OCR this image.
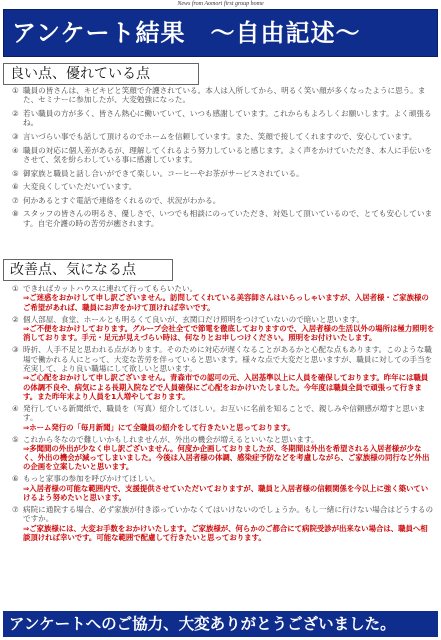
News from Aomori first group home
アンケート結果　～自由記述～
良い点、優れている点
① 職員の皆さんは、キビキビと笑顔で介護されている。本人は入所してから、明るく笑い顔が多くなったように思う。また、セミナーに参加したが、大変勉強になった。
② 若い職員の方が多く、皆さん熱心に働いていて、いつも感謝しています。これからもよろしくお願いします。よく頑張るね。
③ 言いづらい事でも話して頂けるのでホームを信頼しています。また、笑顔で接してくれますので、安心しています。
④ 職員の対応に個人差があるが、理解してくれるよう努力していると感じます。よく声をかけていただき、本人に手伝いをさせて、気を紛らわしている事に感謝しています。
⑤ 御家族と職員と話し合いができて楽しい。コーヒーやお茶がサービスされている。
⑥ 大変良くしていただいています。
⑦ 何かあるとすぐ電話で連絡をくれるので、状況がわかる。
⑧ スタッフの皆さんの明るさ、優しさで、いつでも相談にのっていただき、対処して頂いているので、とても安心しています。自宅介護の時の苦労が癒されます。
改善点、気になる点
① できればカットハウスに連れて行ってもらいたい。
⇒ご迷惑をおかけして申し訳ございません。訪問してくれている美容師さんはいらっしゃいますが、入居者様・ご家族様のご希望があれば、職員にお声をかけて頂ければ幸いです。
② 個人部屋、食堂、ホールとも明るくて良いが、玄関口だけ照明をつけていないので暗いと思います。
⇒ご不便をおかけしております。グループ会社全てで節電を徹底しておりますので、入居者様の生活以外の場所は極力照明を消しております。手元・足元が見えづらい時は、何なりとお申しつけください。照明をお付けいたします。
③ 時折、人手不足と思われる点があります。そのために対応が遅くなることがあるかと心配な点もあります。このような職場で働かれる人にとって、大変な苦労を伴っていると思います。様々な点で大変だと思いますが、職員に対しての手当を充実して、より良い職場にして欲しいと思います。
⇒ご心配をおかけして申し訳ございません。青森市での認可の元、入居基準以上に人員を確保しております。昨年には職員の体調不良や、病気による長期入院などで人員確保にご心配をおかけいたしました。今年度は職員全員で頑張って行きます。また昨年末より人員を1人増やしております。
④ 発行している新聞紙で、職員を（写真）紹介してほしい。お互いに名前を知ることで、親しみや信頼感が増すと思います。
⇒ホーム発行の「毎月新聞」にて全職員の紹介をして行きたいと思っております。
⑤ これから冬なので難しいかもしれませんが、外出の機会が増えるといいなと思います。
⇒多聞間の外出が少なく申し訳ございません。何度か企画しておりましたが、冬期間は外出を希望される入居者様が少なく、外出の機会が減ってしまいました。今後は入居者様の体調、感染症予防などを考慮しながら、ご家族様の同行など外出の企画を立案したいと思います。
⑥ もっと家事の参加を呼びかけてほしい。
⇒入居者様の可能な範囲内で、支援提供させていただいておりますが、職員と入居者様の信頼関係を今以上に強く築いていけるよう努めたいと思います。
⑦ 病院に通院する場合、必ず家族が付き添っていかなくてはいけないのでしょうか。もし一緒に行けない場合はどうするのですか。
⇒ご家族様には、大変お手数をおかけいたします。ご家族様が、何らかのご都合にて病院受診が出来ない場合は、職員へ相談頂ければ幸いです。可能な範囲で配慮して行きたいと思っております。
アンケートへのご協力、大変ありがとうございました。
